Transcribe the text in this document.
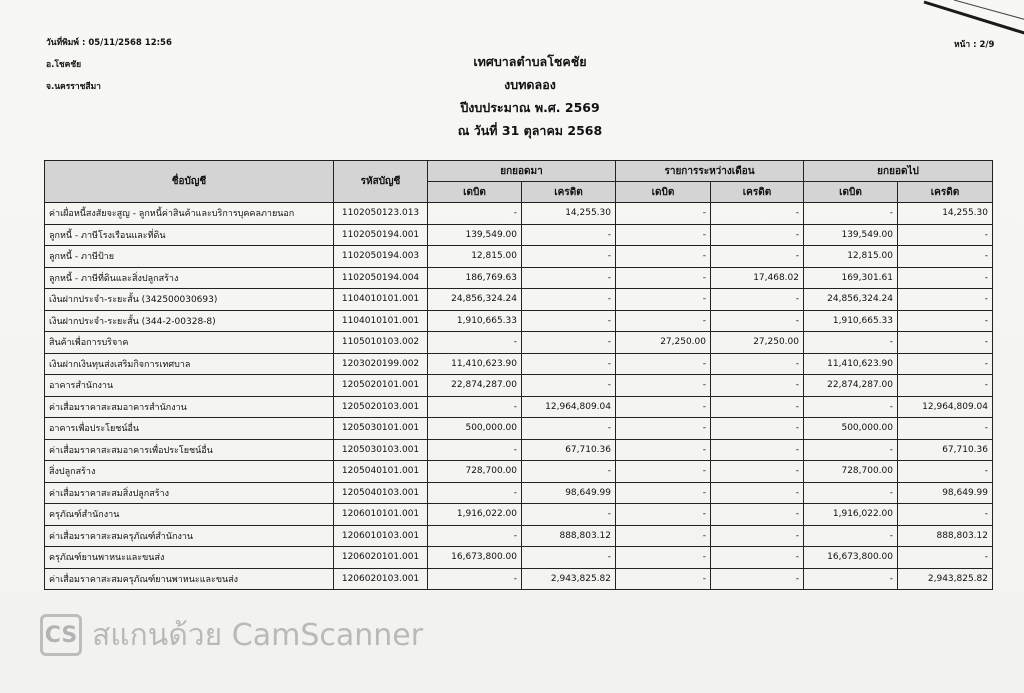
วันที่พิมพ์ : 05/11/2568 12:56
อ.โชคชัย
จ.นครราชสีมา
หน้า : 2/9
เทศบาลตำบลโชคชัย
งบทดลอง
ปีงบประมาณ พ.ศ. 2569
ณ วันที่ 31 ตุลาคม 2568
ชื่อบัญชี	รหัสบัญชี	ยกยอดมา		รายการระหว่างเดือน		ยกยอดไป	
		เดบิต	เครดิต	เดบิต	เครดิต	เดบิต	เครดิต
ค่าเผื่อหนี้สงสัยจะสูญ - ลูกหนี้ค่าสินค้าและบริการบุคคลภายนอก	1102050123.013	-	14,255.30	-	-	-	14,255.30
ลูกหนี้ - ภาษีโรงเรือนและที่ดิน	1102050194.001	139,549.00	-	-	-	139,549.00	-
ลูกหนี้ - ภาษีป้าย	1102050194.003	12,815.00	-	-	-	12,815.00	-
ลูกหนี้ - ภาษีที่ดินและสิ่งปลูกสร้าง	1102050194.004	186,769.63	-	-	17,468.02	169,301.61	-
เงินฝากประจำ-ระยะสั้น (342500030693)	1104010101.001	24,856,324.24	-	-	-	24,856,324.24	-
เงินฝากประจำ-ระยะสั้น (344-2-00328-8)	1104010101.001	1,910,665.33	-	-	-	1,910,665.33	-
สินค้าเพื่อการบริจาค	1105010103.002	-	-	27,250.00	27,250.00	-	-
เงินฝากเงินทุนส่งเสริมกิจการเทศบาล	1203020199.002	11,410,623.90	-	-	-	11,410,623.90	-
อาคารสำนักงาน	1205020101.001	22,874,287.00	-	-	-	22,874,287.00	-
ค่าเสื่อมราคาสะสมอาคารสำนักงาน	1205020103.001	-	12,964,809.04	-	-	-	12,964,809.04
อาคารเพื่อประโยชน์อื่น	1205030101.001	500,000.00	-	-	-	500,000.00	-
ค่าเสื่อมราคาสะสมอาคารเพื่อประโยชน์อื่น	1205030103.001	-	67,710.36	-	-	-	67,710.36
สิ่งปลูกสร้าง	1205040101.001	728,700.00	-	-	-	728,700.00	-
ค่าเสื่อมราคาสะสมสิ่งปลูกสร้าง	1205040103.001	-	98,649.99	-	-	-	98,649.99
ครุภัณฑ์สำนักงาน	1206010101.001	1,916,022.00	-	-	-	1,916,022.00	-
ค่าเสื่อมราคาสะสมครุภัณฑ์สำนักงาน	1206010103.001	-	888,803.12	-	-	-	888,803.12
ครุภัณฑ์ยานพาหนะและขนส่ง	1206020101.001	16,673,800.00	-	-	-	16,673,800.00	-
ค่าเสื่อมราคาสะสมครุภัณฑ์ยานพาหนะและขนส่ง	1206020103.001	-	2,943,825.82	-	-	-	2,943,825.82
CS สแกนด้วย CamScanner
